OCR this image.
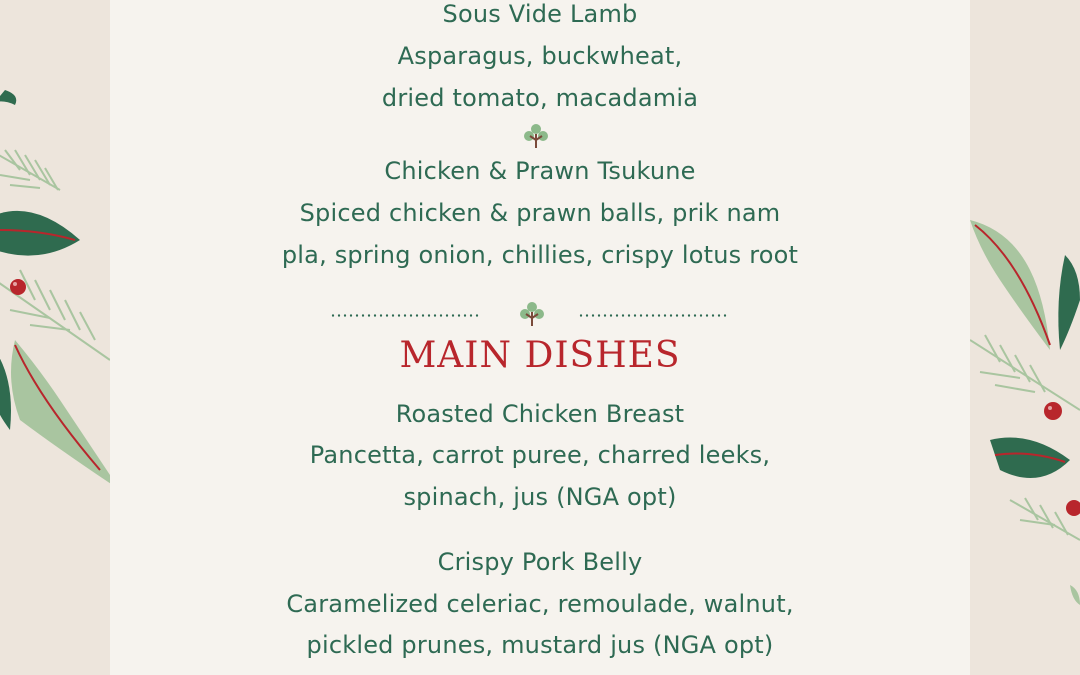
Sous Vide Lamb
Asparagus, buckwheat,
dried tomato, macadamia
Chicken & Prawn Tsukune
Spiced chicken & prawn balls, prik nam
pla, spring onion, chillies, crispy lotus root
MAIN DISHES
Roasted Chicken Breast
Pancetta, carrot puree, charred leeks,
spinach, jus (NGA opt)
Crispy Pork Belly
Caramelized celeriac, remoulade, walnut,
pickled prunes, mustard jus (NGA opt)
